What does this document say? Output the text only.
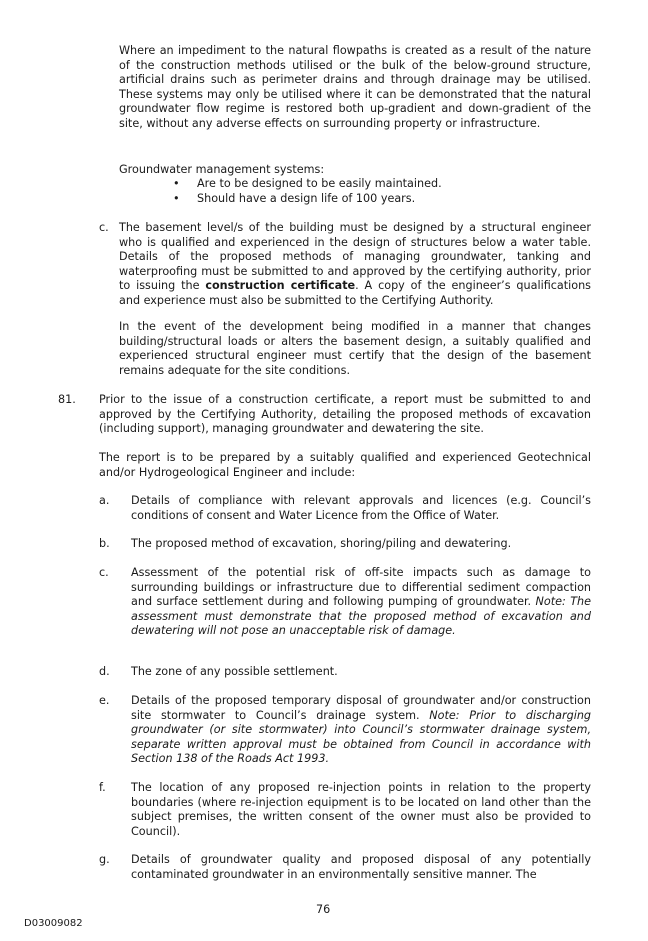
Where an impediment to the natural flowpaths is created as a result of the nature of the construction methods utilised or the bulk of the below-ground structure, artificial drains such as perimeter drains and through drainage may be utilised. These systems may only be utilised where it can be demonstrated that the natural groundwater flow regime is restored both up-gradient and down-gradient of the site, without any adverse effects on surrounding property or infrastructure.

Groundwater management systems:

• Are to be designed to be easily maintained.
• Should have a design life of 100 years.
c. The basement level/s of the building must be designed by a structural engineer who is qualified and experienced in the design of structures below a water table. Details of the proposed methods of managing groundwater, tanking and waterproofing must be submitted to and approved by the certifying authority, prior to issuing the construction certificate. A copy of the engineer’s qualifications and experience must also be submitted to the Certifying Authority.

In the event of the development being modified in a manner that changes building/structural loads or alters the basement design, a suitably qualified and experienced structural engineer must certify that the design of the basement remains adequate for the site conditions.

81. Prior to the issue of a construction certificate, a report must be submitted to and approved by the Certifying Authority, detailing the proposed methods of excavation (including support), managing groundwater and dewatering the site.

The report is to be prepared by a suitably qualified and experienced Geotechnical and/or Hydrogeological Engineer and include:

a. Details of compliance with relevant approvals and licences (e.g. Council’s conditions of consent and Water Licence from the Office of Water.

b. The proposed method of excavation, shoring/piling and dewatering.

c. Assessment of the potential risk of off-site impacts such as damage to surrounding buildings or infrastructure due to differential sediment compaction and surface settlement during and following pumping of groundwater. Note: The assessment must demonstrate that the proposed method of excavation and dewatering will not pose an unacceptable risk of damage.

d. The zone of any possible settlement.

e. Details of the proposed temporary disposal of groundwater and/or construction site stormwater to Council’s drainage system. Note: Prior to discharging groundwater (or site stormwater) into Council’s stormwater drainage system, separate written approval must be obtained from Council in accordance with Section 138 of the Roads Act 1993.

f. The location of any proposed re-injection points in relation to the property boundaries (where re-injection equipment is to be located on land other than the subject premises, the written consent of the owner must also be provided to Council).

g. Details of groundwater quality and proposed disposal of any potentially contaminated groundwater in an environmentally sensitive manner. The

76
D03009082
